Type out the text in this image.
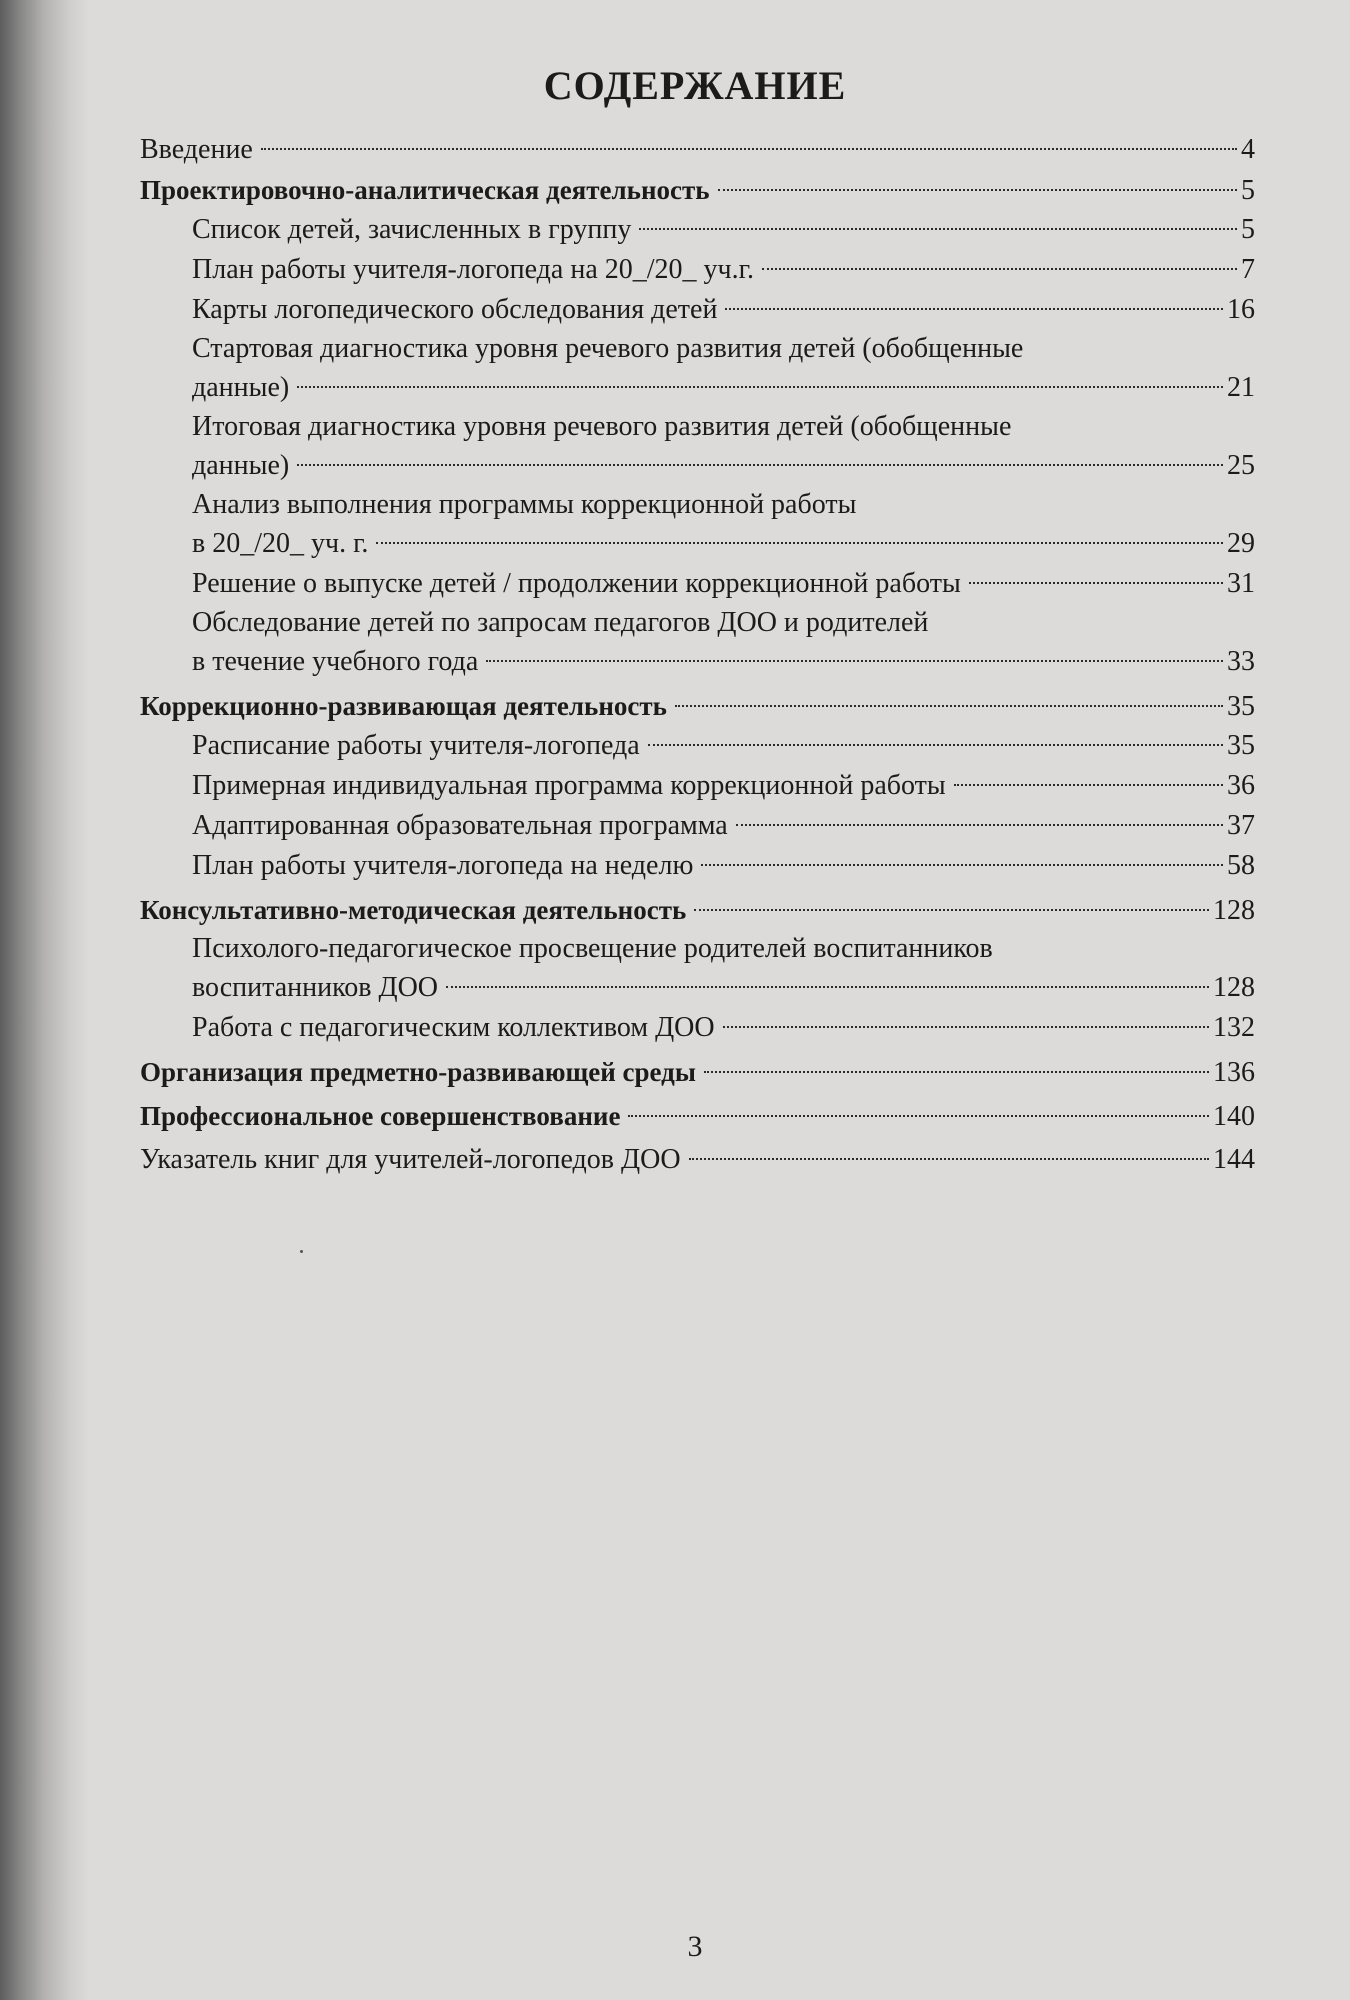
СОДЕРЖАНИЕ
Введение	4
Проектировочно-аналитическая деятельность	5
Список детей, зачисленных в группу	5
План работы учителя-логопеда на 20_/20_ уч.г.	7
Карты логопедического обследования детей	16
Стартовая диагностика уровня речевого развития детей (обобщенные
данные)	21
Итоговая диагностика уровня речевого развития детей (обобщенные
данные)	25
Анализ выполнения программы коррекционной работы
в 20_/20_ уч. г.	29
Решение о выпуске детей / продолжении коррекционной работы	31
Обследование детей по запросам педагогов ДОО и родителей
в течение учебного года	33
Коррекционно-развивающая деятельность	35
Расписание работы учителя-логопеда	35
Примерная индивидуальная программа коррекционной работы	36
Адаптированная образовательная программа	37
План работы учителя-логопеда на неделю	58
Консультативно-методическая деятельность	128
Психолого-педагогическое просвещение родителей воспитанников
воспитанников ДОО	128
Работа с педагогическим коллективом ДОО	132
Организация предметно-развивающей среды	136
Профессиональное совершенствование	140
Указатель книг для учителей-логопедов ДОО	144
3
